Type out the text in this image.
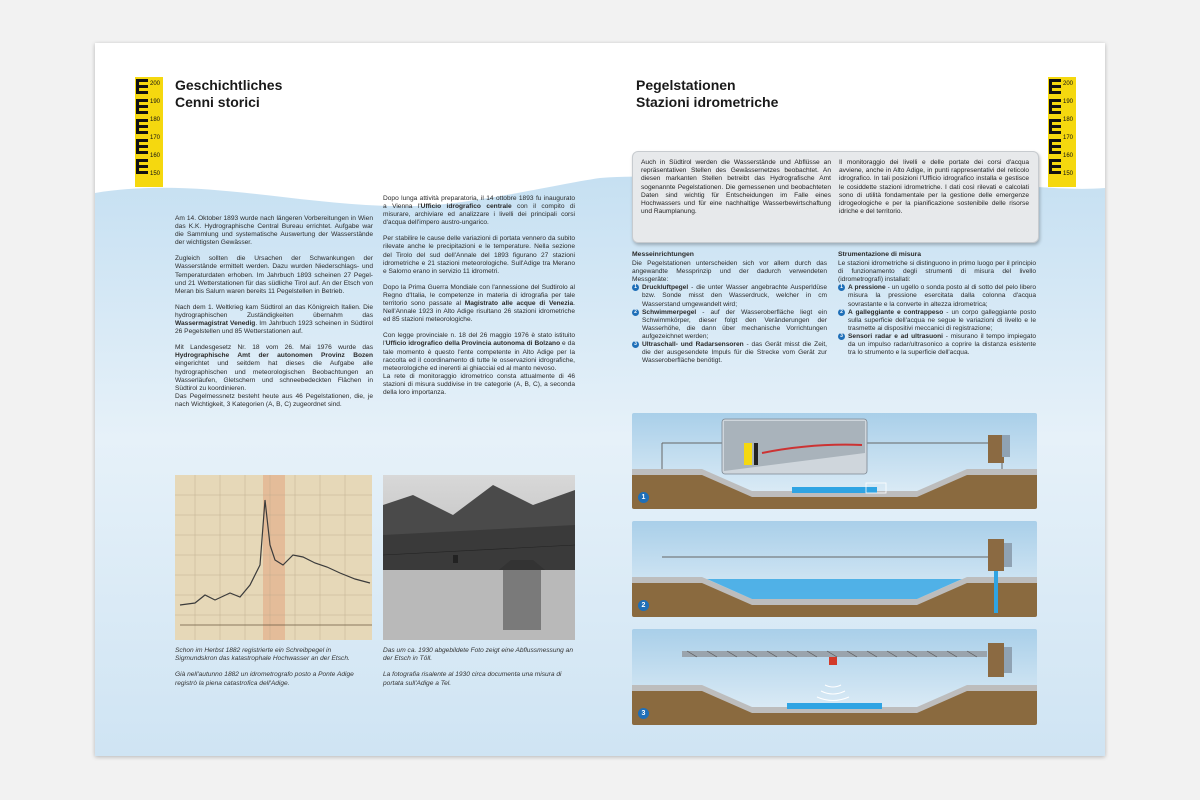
200
190
180
170
160
150
Geschichtliches
Cenni storici

Am 14. Oktober 1893 wurde nach längeren Vorbereitungen in Wien das K.K. Hydrographische Central Bureau errichtet. Aufgabe war die Sammlung und systematische Auswertung der Wasserstände der wichtigsten Gewässer.

Zugleich sollten die Ursachen der Schwankungen der Wasserstände ermittelt werden. Dazu wurden Niederschlags- und Temperaturdaten erhoben. Im Jahrbuch 1893 scheinen 27 Pegel- und 21 Wetterstationen für das südliche Tirol auf. An der Etsch von Meran bis Salurn waren bereits 11 Pegelstellen in Betrieb.

Nach dem 1. Weltkrieg kam Südtirol an das Königreich Italien. Die hydrographischen Zuständigkeiten übernahm das Wassermagistrat Venedig. Im Jahrbuch 1923 scheinen in Südtirol 26 Pegelstellen und 85 Wetterstationen auf.

Mit Landesgesetz Nr. 18 vom 26. Mai 1976 wurde das Hydrographische Amt der autonomen Provinz Bozen eingerichtet und seitdem hat dieses die Aufgabe alle hydrographischen und meteorologischen Beobachtungen an Wasserläufen, Gletschern und schneebedeckten Flächen in Südtirol zu koordinieren.

Das Pegelmessnetz besteht heute aus 46 Pegelstationen, die, je nach Wichtigkeit, 3 Kategorien (A, B, C) zugeordnet sind.

Dopo lunga attività preparatoria, il 14 ottobre 1893 fu inaugurato a Vienna l'Ufficio idrografico centrale con il compito di misurare, archiviare ed analizzare i livelli dei principali corsi d'acqua dell'impero austro-ungarico.

Per stabilire le cause delle variazioni di portata vennero da subito rilevate anche le precipitazioni e le temperature. Nella sezione del Tirolo del sud dell'Annale del 1893 figurano 27 stazioni idrometriche e 21 stazioni meteorologiche. Sull'Adige tra Merano e Salorno erano in servizio 11 idrometri.

Dopo la Prima Guerra Mondiale con l'annessione del Sudtirolo al Regno d'Italia, le competenze in materia di idrografia per tale territorio sono passate al Magistrato alle acque di Venezia. Nell'Annale 1923 in Alto Adige risultano 26 stazioni idrometriche ed 85 stazioni meteorologiche.

Con legge provinciale n. 18 del 26 maggio 1976 è stato istituito l'Ufficio idrografico della Provincia autonoma di Bolzano e da tale momento è questo l'ente competente in Alto Adige per la raccolta ed il coordinamento di tutte le osservazioni idrografiche, meteorologiche ed inerenti ai ghiacciai ed al manto nevoso.

La rete di monitoraggio idrometrico consta attualmente di 46 stazioni di misura suddivise in tre categorie (A, B, C), a seconda della loro importanza.

Schon im Herbst 1882 registrierte ein Schreibpegel in Sigmundskron das katastrophale Hochwasser an der Etsch.

Già nell'autunno 1882 un idrometrografo posto a Ponte Adige registrò la piena catastrofica dell'Adige.

Das um ca. 1930 abgebildete Foto zeigt eine Abflussmessung an der Etsch in Töll.

La fotografia risalente al 1930 circa documenta una misura di portata sull'Adige a Tel.

Pegelstationen
Stazioni idrometriche
200
190
180
170
160
150
Auch in Südtirol werden die Wasserstände und Abflüsse an repräsentativen Stellen des Gewässernetzes beobachtet. An diesen markanten Stellen betreibt das Hydrografische Amt sogenannte Pegelstationen. Die gemessenen und beobachteten Daten sind wichtig für Entscheidungen im Falle eines Hochwassers und für eine nachhaltige Wasserbewirtschaftung und Raumplanung.
Il monitoraggio dei livelli e delle portate dei corsi d'acqua avviene, anche in Alto Adige, in punti rappresentativi del reticolo idrografico. In tali posizioni l'Ufficio idrografico installa e gestisce le cosiddette stazioni idrometriche. I dati così rilevati e calcolati sono di utilità fondamentale per la gestione delle emergenze idrogeologiche e per la pianificazione sostenibile delle risorse idriche e del territorio.
Messeinrichtungen
Die Pegelstationen unterscheiden sich vor allem durch das angewandte Messprinzip und der dadurch verwendeten Messgeräte:
1 Druckluftpegel - die unter Wasser angebrachte Ausperldüse bzw. Sonde misst den Wasserdruck, welcher in cm Wasserstand umgewandelt wird;
2 Schwimmerpegel - auf der Wasseroberfläche liegt ein Schwimmkörper, dieser folgt den Veränderungen der Wasserhöhe, die dann über mechanische Vorrichtungen aufgezeichnet werden;
3 Ultraschall- und Radarsensoren - das Gerät misst die Zeit, die der ausgesendete Impuls für die Strecke vom Gerät zur Wasseroberfläche benötigt.
Strumentazione di misura
Le stazioni idrometriche si distinguono in primo luogo per il principio di funzionamento degli strumenti di misura del livello (idrometrografi) installati:
1 A pressione - un ugello o sonda posto al di sotto del pelo libero misura la pressione esercitata dalla colonna d'acqua sovrastante e la converte in altezza idrometrica;
2 A galleggiante e contrappeso - un corpo galleggiante posto sulla superficie dell'acqua ne segue le variazioni di livello e le trasmette ai dispositivi meccanici di registrazione;
3 Sensori radar e ad ultrasuoni - misurano il tempo impiegato da un impulso radar/ultrasonico a coprire la distanza esistente tra lo strumento e la superficie dell'acqua.
1
2
3
